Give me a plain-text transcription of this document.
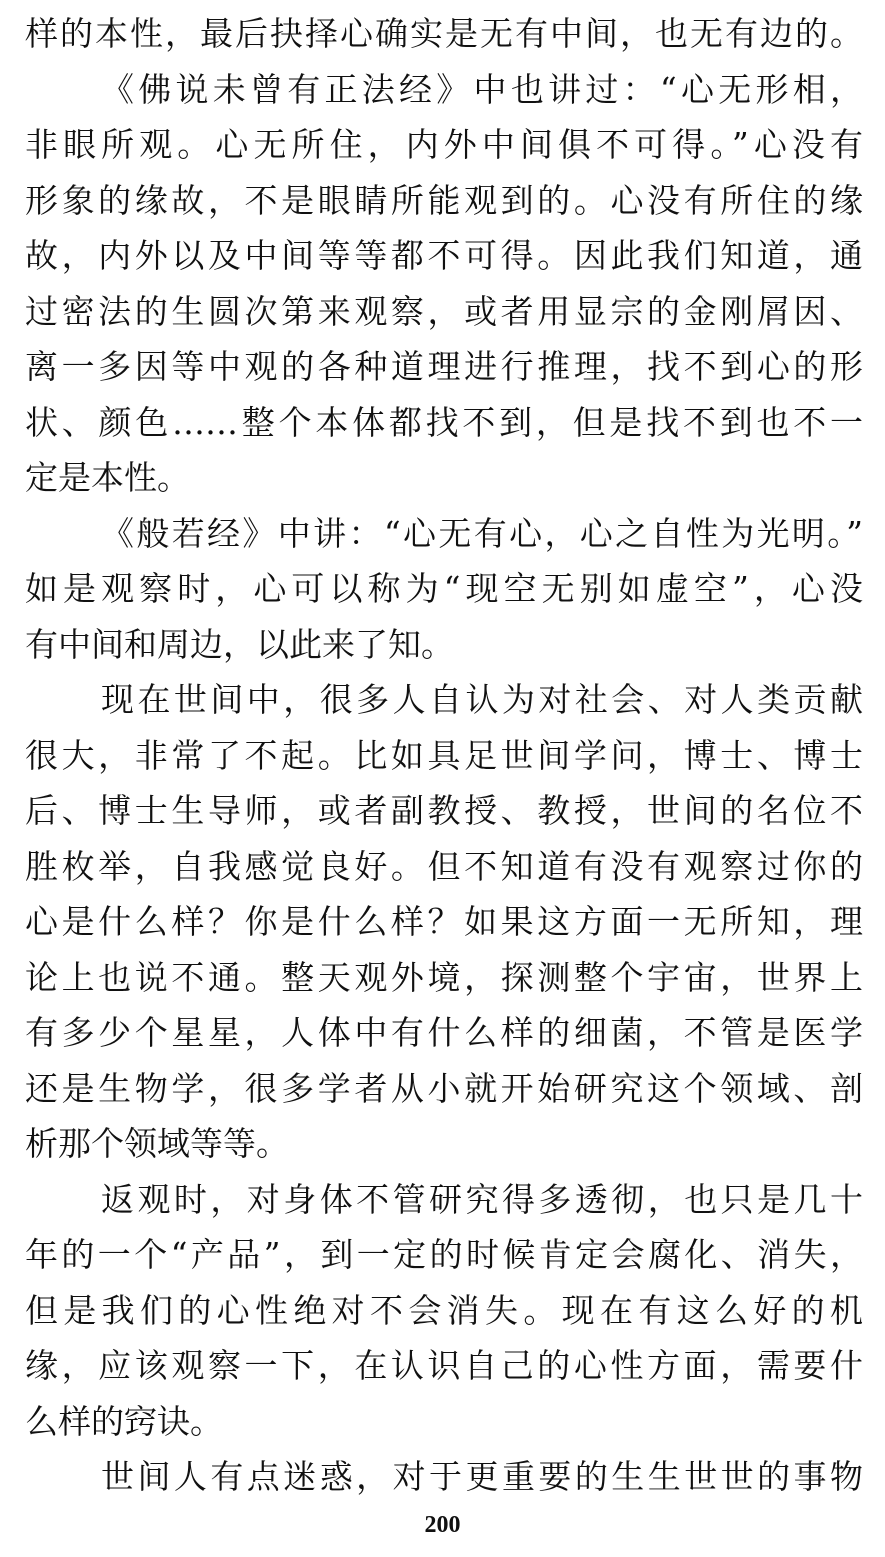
样的本性，最后抉择心确实是无有中间，也无有边的。
《佛说未曾有正法经》中也讲过：“心无形相，
非眼所观。心无所住，内外中间俱不可得。”心没有
形象的缘故，不是眼睛所能观到的。心没有所住的缘
故，内外以及中间等等都不可得。因此我们知道，通
过密法的生圆次第来观察，或者用显宗的金刚屑因、
离一多因等中观的各种道理进行推理，找不到心的形
状、颜色……整个本体都找不到，但是找不到也不一
定是本性。
《般若经》中讲：“心无有心，心之自性为光明。”
如是观察时，心可以称为“现空无别如虚空”，心没
有中间和周边，以此来了知。
现在世间中，很多人自认为对社会、对人类贡献
很大，非常了不起。比如具足世间学问，博士、博士
后、博士生导师，或者副教授、教授，世间的名位不
胜枚举，自我感觉良好。但不知道有没有观察过你的
心是什么样？你是什么样？如果这方面一无所知，理
论上也说不通。整天观外境，探测整个宇宙，世界上
有多少个星星，人体中有什么样的细菌，不管是医学
还是生物学，很多学者从小就开始研究这个领域、剖
析那个领域等等。
返观时，对身体不管研究得多透彻，也只是几十
年的一个“产品”，到一定的时候肯定会腐化、消失，
但是我们的心性绝对不会消失。现在有这么好的机
缘，应该观察一下，在认识自己的心性方面，需要什
么样的窍诀。
世间人有点迷惑，对于更重要的生生世世的事物
200
